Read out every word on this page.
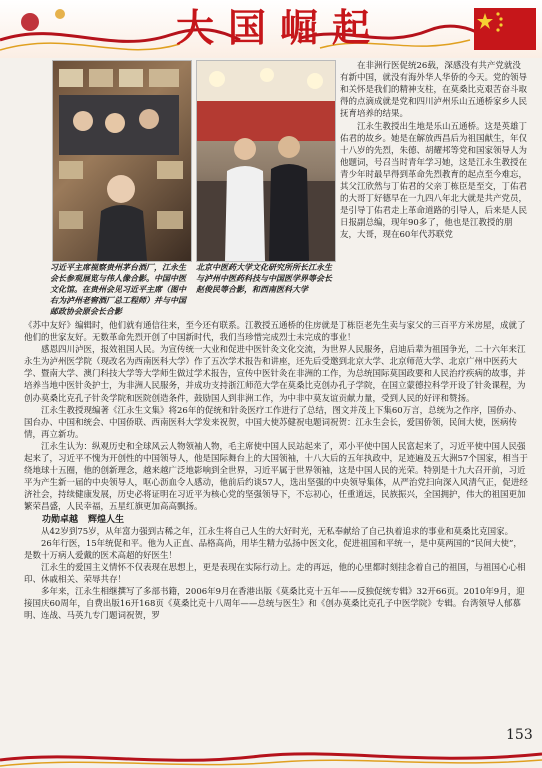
大国崛起
习近平主席视察贵州茅台酒厂，江永生会长参观展览与伟人像合影。中国中医文化馆。在贵州会见习近平主席（图中右为泸州老窖酒厂总工程师）并与中国邮政协会原会长合影
北京中医药大学文化研究所所长江永生与泸州中医药科技与中国医学界等会长赵俊民等合影，和西南医科大学

在非洲行医促统26载，深感没有共产党就没有新中国，就没有海外华人华侨的今天。党的领导和关怀是我们的精神支柱，在莫桑比克艰苦奋斗取得的点滴成就是党和四川泸州乐山五通桥家乡人民抚育培养的结果。

江永生教授出生地是乐山五通桥。这是英雄丁佑君的故乡。她是在解放西昌后为祖国献生，年仅十八岁的先烈，朱德、胡耀邦等党和国家领导人为他题词，号召当时青年学习她，这是江永生教授在青少年时最早得到革命先烈教育的起点至今难忘，其父江欣然与丁佑君的父亲丁栋臣是至交，丁佑君的大哥丁好德早在一九四八年北大就是共产党员，是引导丁佑君走上革命道路的引导人，后来是人民日报副总编，现年90多了，他也是江教授的朋友，大哥，现在60年代苏联党

《苏中友好》编辑时，他们就有通信往来，至今还有联系。江教授五通桥的住房就是丁栋臣老先生卖与家父的三百平方米房屋，成就了他们的世家友好。无数革命先烈开创了中国新时代，我们当珍惜完成烈士未完成的事业！

感恩四川泸医，报效祖国人民。为宣传统一大业和促进中医针灸文化交流，为世界人民服务，启迪后辈为祖国争光，二十六年来江永生为泸州医学院（现改名为西南医科大学）作了五次学术报告和讲座，还先后受邀到北京大学、北京师范大学、北京广州中医药大学、暨南大学、澳门科技大学等大学师生做过学术报告，宣传中医针灸在非洲的工作，为总统国际莫国政要和人民治疗疾病的故事，并培养当地中医针灸护士，为非洲人民服务，并成功支持浙江师范大学在莫桑比克创办孔子学院，在国立蒙德拉科学开设了针灸课程，为创办莫桑比克孔子针灸学院和医院创造条件，鼓励国人到非洲工作，为中非中莫友谊贡献力量，受到人民的好评和赞扬。

江永生教授现编著《江永生文集》将26年的促统和针灸医疗工作进行了总结，图文并茂上下集60万言，总统为之作序，国侨办、国台办、中国和统会、中国侨联、西南医科大学发来祝贺，中国大使苏健祝电题词祝贺：江永生会长，爱国侨领，民间大使，医病传情，再立新功。

江永生认为：纵观历史和全球风云人物领袖人物，毛主席使中国人民站起来了，邓小平使中国人民富起来了，习近平使中国人民强起来了，习近平不愧为开创性的中国领导人，他是国际舞台上的大国领袖，十八大后的五年执政中，足迹遍及五大洲57个国家，相当于绕地球十五圈，他的创新理念，越来越广泛地影响到全世界，习近平属于世界领袖，这是中国人民的光荣。特别是十九大召开前，习近平为产生新一届的中央领导人，呕心沥血令人感动，他前后约谈57人，选出坚强的中央领导集体，从严治党扫向深入风清气正，促进经济社会，持续健康发展，历史必将证明在习近平为核心党的坚强领导下，不忘初心，任重道远，民族振兴，全国拥护，伟大的祖国更加繁荣昌盛，人民幸福，五星红旗更加高高飘扬。

功勋卓越 辉煌人生

从42岁到75岁，从年富力强到古稀之年，江永生将自己人生的大好时光，无私奉献给了自己执着追求的事业和莫桑比克国家。

26年行医，15年统促和平。他为人正直、品格高尚，用毕生精力弘扬中医文化，促进祖国和平统一，是中莫两国的“民间大使”，是数十万病人爱戴的医术高超的好医生！

江永生的爱国主义情怀不仅表现在思想上，更是表现在实际行动上。走的再远，他的心里都时刻挂念着自己的祖国，与祖国心心相印、休戚相关、荣辱共存！

多年来，江永生相继撰写了多部书籍，2006年9月在香港出版《莫桑比克十五年——反独促统专辑》32开66页。2010年9月，迎接国庆60周年，自费出版16开168页《莫桑比克十八周年——总统与医生》和《创办莫桑比克孔子中医学院》专辑。台湾领导人郁慕明、连战、马英九专门题词祝贺，罗

153
